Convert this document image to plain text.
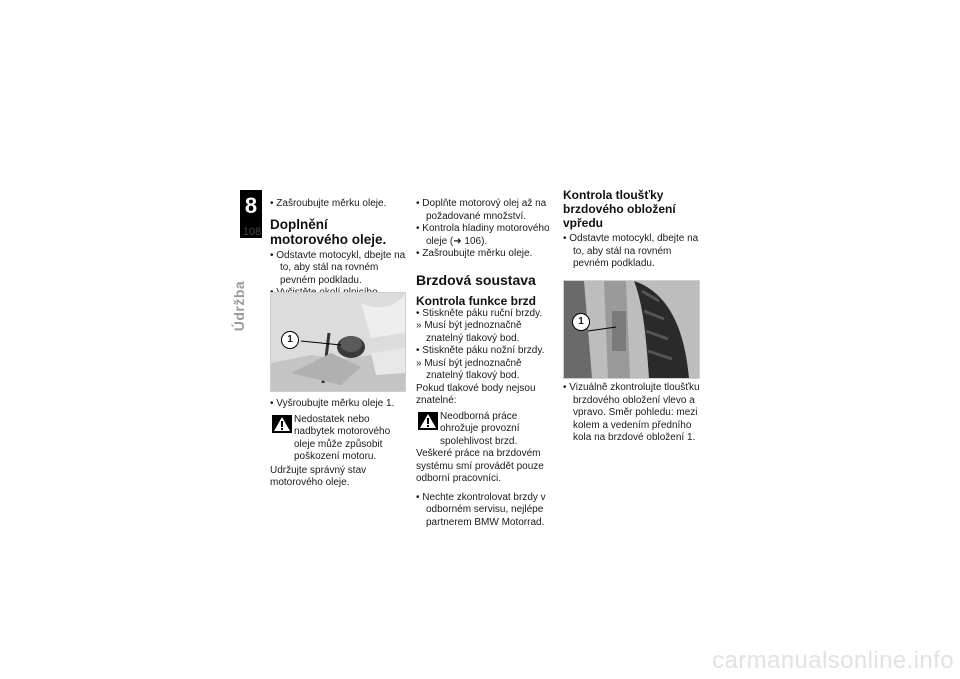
8
108
Údržba

• Zašroubujte měrku oleje.

Doplnění motorového oleje.

• Odstavte motocykl, dbejte na to, aby stál na rovném pevném podkladu.

1

• Vyšroubujte měrku oleje 1.

Nedostatek nebo nadbytek motorového oleje může způsobit poškození motoru.

Udržujte správný stav motorového oleje.

• Doplňte motorový olej až na požadované množství.

• Kontrola hladiny motorového oleje (➜ 106).

• Zašroubujte měrku oleje.

Brzdová soustava

Kontrola funkce brzd

• Stiskněte páku ruční brzdy.

» Musí být jednoznačně znatelný tlakový bod.

• Stiskněte páku nožní brzdy.

» Musí být jednoznačně znatelný tlakový bod.

Pokud tlakové body nejsou znatelné:

Neodborná práce ohrožuje provozní spolehlivost brzd.

Veškeré práce na brzdovém systému smí provádět pouze odborní pracovníci.

• Nechte zkontrolovat brzdy v odborném servisu, nejlépe partnerem BMW Motorrad.

Kontrola tloušťky brzdového obložení vpředu

• Odstavte motocykl, dbejte na to, aby stál na rovném pevném podkladu.

1

• Vizuálně zkontrolujte tloušťku brzdového obložení vlevo a vpravo. Směr pohledu: mezi kolem a vedením předního kola na brzdové obložení 1.

carmanualsonline.info
